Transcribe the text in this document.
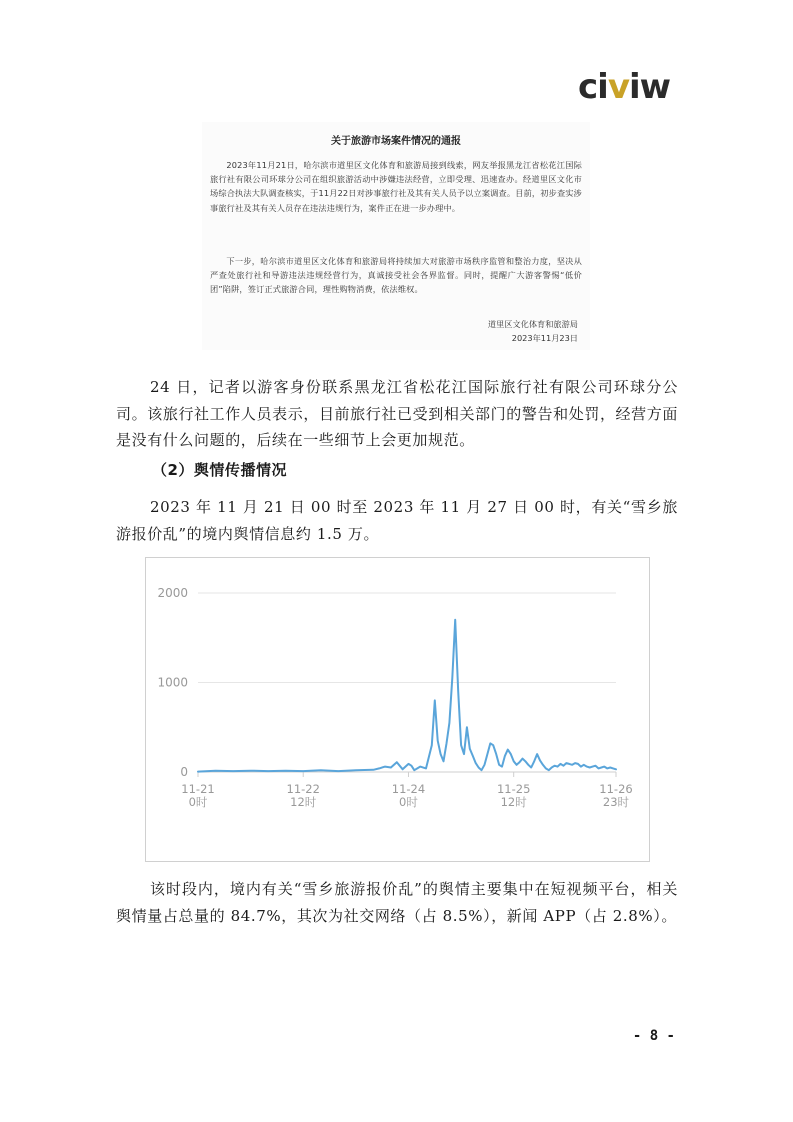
civiw
关于旅游市场案件情况的通报
2023年11月21日，哈尔滨市道里区文化体育和旅游局接到线索，网友举报黑龙江省松花江国际旅行社有限公司环球分公司在组织旅游活动中涉嫌违法经营，立即受理、迅速查办。经道里区文化市场综合执法大队调查核实，于11月22日对涉事旅行社及其有关人员予以立案调查。目前，初步查实涉事旅行社及其有关人员存在违法违规行为，案件正在进一步办理中。
下一步，哈尔滨市道里区文化体育和旅游局将持续加大对旅游市场秩序监管和整治力度，坚决从严查处旅行社和导游违法违规经营行为，真诚接受社会各界监督。同时，提醒广大游客警惕“低价团”陷阱，签订正式旅游合同，理性购物消费，依法维权。
道里区文化体育和旅游局
2023年11月23日
24 日，记者以游客身份联系黑龙江省松花江国际旅行社有限公司环球分公司。该旅行社工作人员表示，目前旅行社已受到相关部门的警告和处罚，经营方面是没有什么问题的，后续在一些细节上会更加规范。
（2）舆情传播情况
2023 年 11 月 21 日 00 时至 2023 年 11 月 27 日 00 时，有关“雪乡旅游报价乱”的境内舆情信息约 1.5 万。
0
1000
2000
11-21
0时
11-22
12时
11-24
0时
11-25
12时
11-26
23时
该时段内，境内有关“雪乡旅游报价乱”的舆情主要集中在短视频平台，相关舆情量占总量的 84.7%，其次为社交网络（占 8.5%），新闻 APP（占 2.8%）。
- 8 -
